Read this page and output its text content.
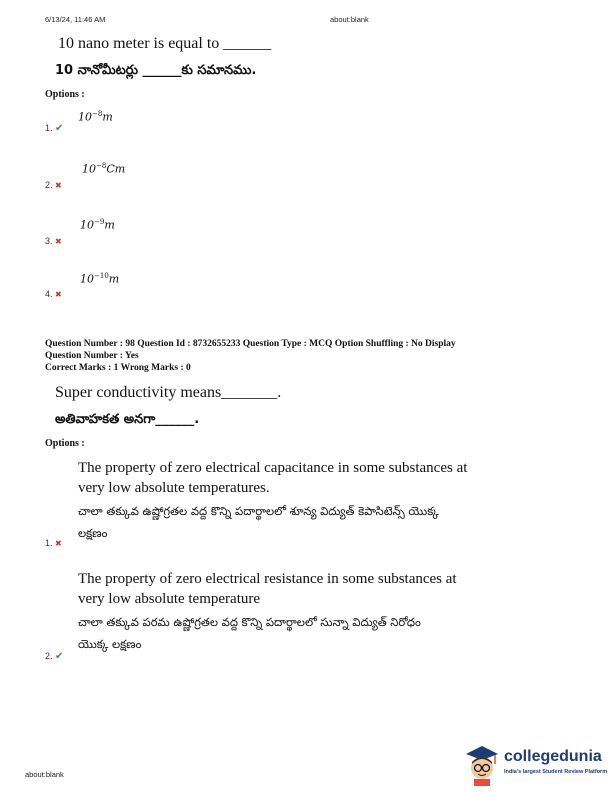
6/13/24, 11:46 AM	about:blank
10 nano meter is equal to ______
10 నానోమీటర్లు ______కు సమానము.
Options :
$10^{-8}m$
1. ✔
$10^{-8}Cm$
2. ✖
$10^{-9}m$
3. ✖
$10^{-10}m$
4. ✖
Question Number : 98 Question Id : 8732655233 Question Type : MCQ Option Shuffling : No Display
Question Number : Yes
Correct Marks : 1 Wrong Marks : 0
Super conductivity means_______.
అతివాహకత అనగా______.
Options :
The property of zero electrical capacitance in some substances at
very low absolute temperatures.
చాలా తక్కువ ఉష్ణోగ్రతల వద్ద కొన్ని పదార్థాలలో శూన్య విద్యుత్ కెపాసిటెన్స్ యొక్క
లక్షణం
1. ✖
The property of zero electrical resistance in some substances at
very low absolute temperature
చాలా తక్కువ పరమ ఉష్ణోగ్రతల వద్ద కొన్ని పదార్థాలలో సున్నా విద్యుత్ నిరోధం
యొక్క లక్షణం
2. ✔
about:blank
collegedunia
India's largest Student Review Platform
